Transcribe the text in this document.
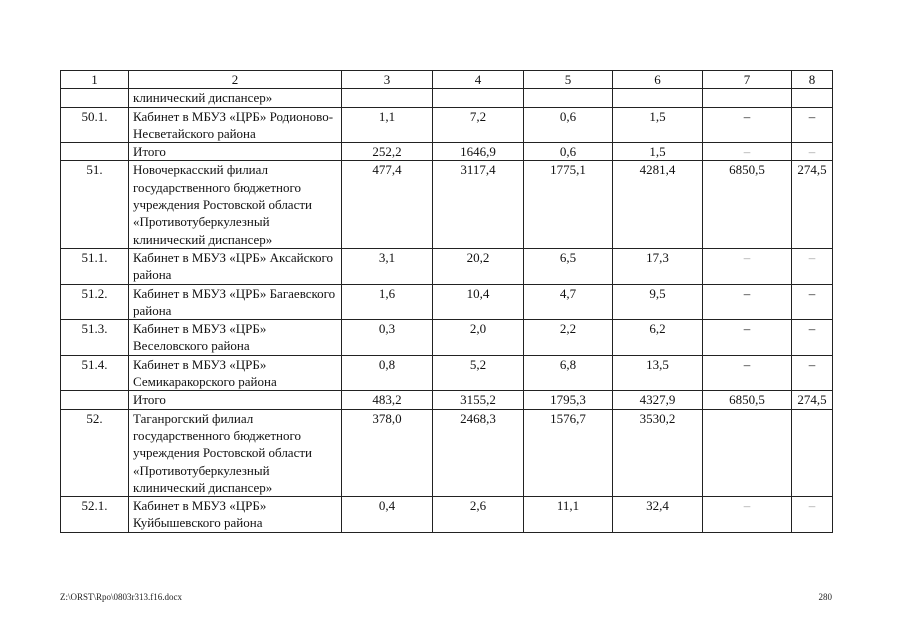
1	2	3	4	5	6	7	8
	клинический диспансер»						
50.1.	Кабинет в МБУЗ «ЦРБ» Родионово-Несветайского района	1,1	7,2	0,6	1,5	–	–
	Итого	252,2	1646,9	0,6	1,5	–	–
51.	Новочеркасский филиал государственного бюджетного учреждения Ростовской области «Противотуберкулезный клинический диспансер»	477,4	3117,4	1775,1	4281,4	6850,5	274,5
51.1.	Кабинет в МБУЗ «ЦРБ» Аксайского района	3,1	20,2	6,5	17,3	–	–
51.2.	Кабинет в МБУЗ «ЦРБ» Багаевского района	1,6	10,4	4,7	9,5	–	–
51.3.	Кабинет в МБУЗ «ЦРБ» Веселовского района	0,3	2,0	2,2	6,2	–	–
51.4.	Кабинет в МБУЗ «ЦРБ» Семикаракорского района	0,8	5,2	6,8	13,5	–	–
	Итого	483,2	3155,2	1795,3	4327,9	6850,5	274,5
52.	Таганрогский филиал государственного бюджетного учреждения Ростовской области «Противотуберкулезный клинический диспансер»	378,0	2468,3	1576,7	3530,2		
52.1.	Кабинет в МБУЗ «ЦРБ» Куйбышевского района	0,4	2,6	11,1	32,4	–	–
Z:\ORST\Rpo\0803r313.f16.docx	280
